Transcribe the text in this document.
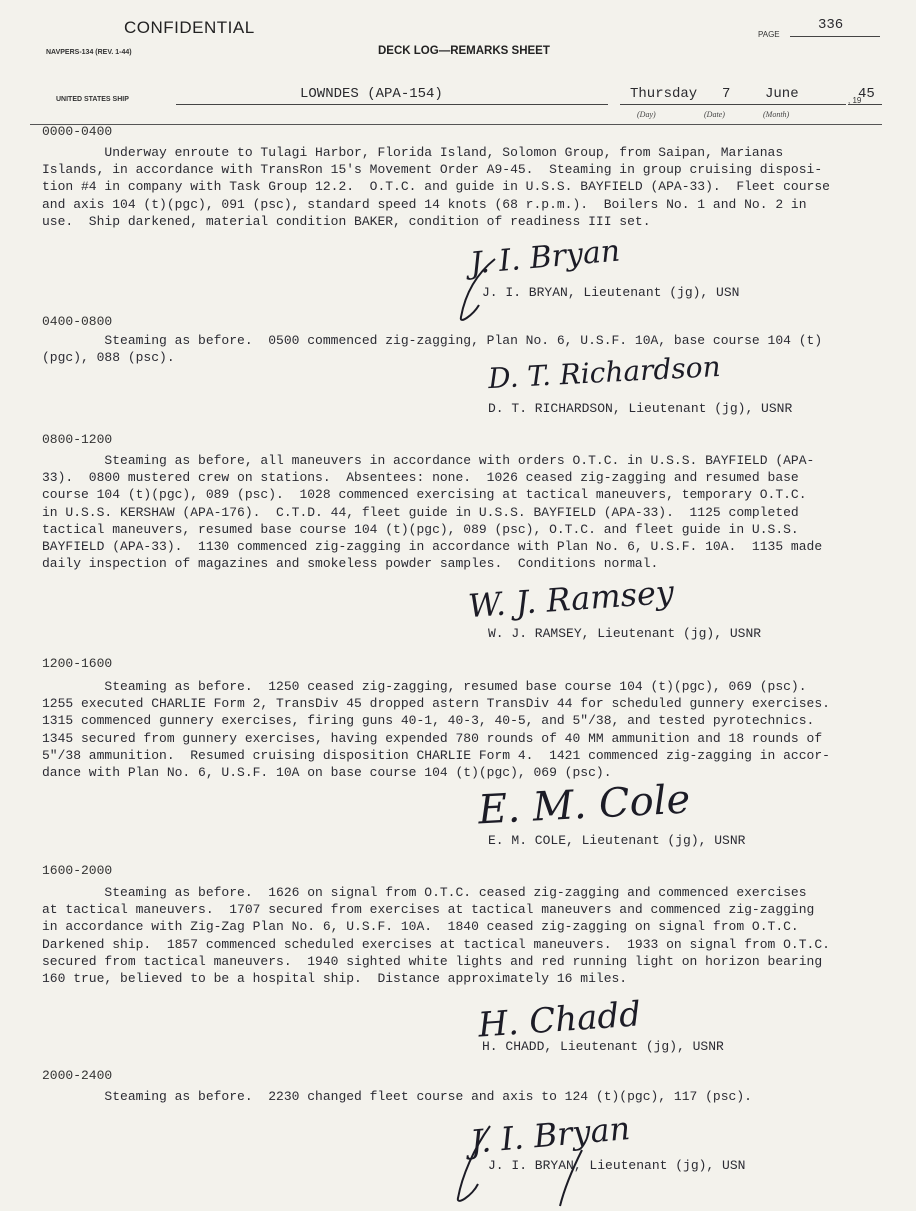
CONFIDENTIAL
NAVPERS-134 (REV. 1-44)	DECK LOG—REMARKS SHEET
PAGE
336
UNITED STATES SHIP	LOWNDES (APA-154)	Thursday 7 June
(Day)	(Date)	(Month)
, 19
45
0000-0400
Underway enroute to Tulagi Harbor, Florida Island, Solomon Group, from Saipan, Marianas
Islands, in accordance with TransRon 15's Movement Order A9-45.  Steaming in group cruising disposi-
tion #4 in company with Task Group 12.2.  O.T.C. and guide in U.S.S. BAYFIELD (APA-33).  Fleet course
and axis 104 (t)(pgc), 091 (psc), standard speed 14 knots (68 r.p.m.).  Boilers No. 1 and No. 2 in
use.  Ship darkened, material condition BAKER, condition of readiness III set.
J. I. Bryan
J. I. BRYAN, Lieutenant (jg), USN
0400-0800
Steaming as before.  0500 commenced zig-zagging, Plan No. 6, U.S.F. 10A, base course 104 (t)
(pgc), 088 (psc).	D. T. Richardson
D. T. RICHARDSON, Lieutenant (jg), USNR
0800-1200
Steaming as before, all maneuvers in accordance with orders O.T.C. in U.S.S. BAYFIELD (APA-
33).  0800 mustered crew on stations.  Absentees: none.  1026 ceased zig-zagging and resumed base
course 104 (t)(pgc), 089 (psc).  1028 commenced exercising at tactical maneuvers, temporary O.T.C.
in U.S.S. KERSHAW (APA-176).  C.T.D. 44, fleet guide in U.S.S. BAYFIELD (APA-33).  1125 completed
tactical maneuvers, resumed base course 104 (t)(pgc), 089 (psc), O.T.C. and fleet guide in U.S.S.
BAYFIELD (APA-33).  1130 commenced zig-zagging in accordance with Plan No. 6, U.S.F. 10A.  1135 made
daily inspection of magazines and smokeless powder samples.  Conditions normal.
W. J. Ramsey
W. J. RAMSEY, Lieutenant (jg), USNR
1200-1600
Steaming as before.  1250 ceased zig-zagging, resumed base course 104 (t)(pgc), 069 (psc).
1255 executed CHARLIE Form 2, TransDiv 45 dropped astern TransDiv 44 for scheduled gunnery exercises.
1315 commenced gunnery exercises, firing guns 40-1, 40-3, 40-5, and 5"/38, and tested pyrotechnics.
1345 secured from gunnery exercises, having expended 780 rounds of 40 MM ammunition and 18 rounds of
5"/38 ammunition.  Resumed cruising disposition CHARLIE Form 4.  1421 commenced zig-zagging in accor-
dance with Plan No. 6, U.S.F. 10A on base course 104 (t)(pgc), 069 (psc).
E. M. Cole
E. M. COLE, Lieutenant (jg), USNR
1600-2000
Steaming as before.  1626 on signal from O.T.C. ceased zig-zagging and commenced exercises
at tactical maneuvers.  1707 secured from exercises at tactical maneuvers and commenced zig-zagging
in accordance with Zig-Zag Plan No. 6, U.S.F. 10A.  1840 ceased zig-zagging on signal from O.T.C.
Darkened ship.  1857 commenced scheduled exercises at tactical maneuvers.  1933 on signal from O.T.C.
secured from tactical maneuvers.  1940 sighted white lights and red running light on horizon bearing
160 true, believed to be a hospital ship.  Distance approximately 16 miles.
H. Chadd
H. CHADD, Lieutenant (jg), USNR
2000-2400
Steaming as before.  2230 changed fleet course and axis to 124 (t)(pgc), 117 (psc).
J. I. Bryan
J. I. BRYAN, Lieutenant (jg), USN
